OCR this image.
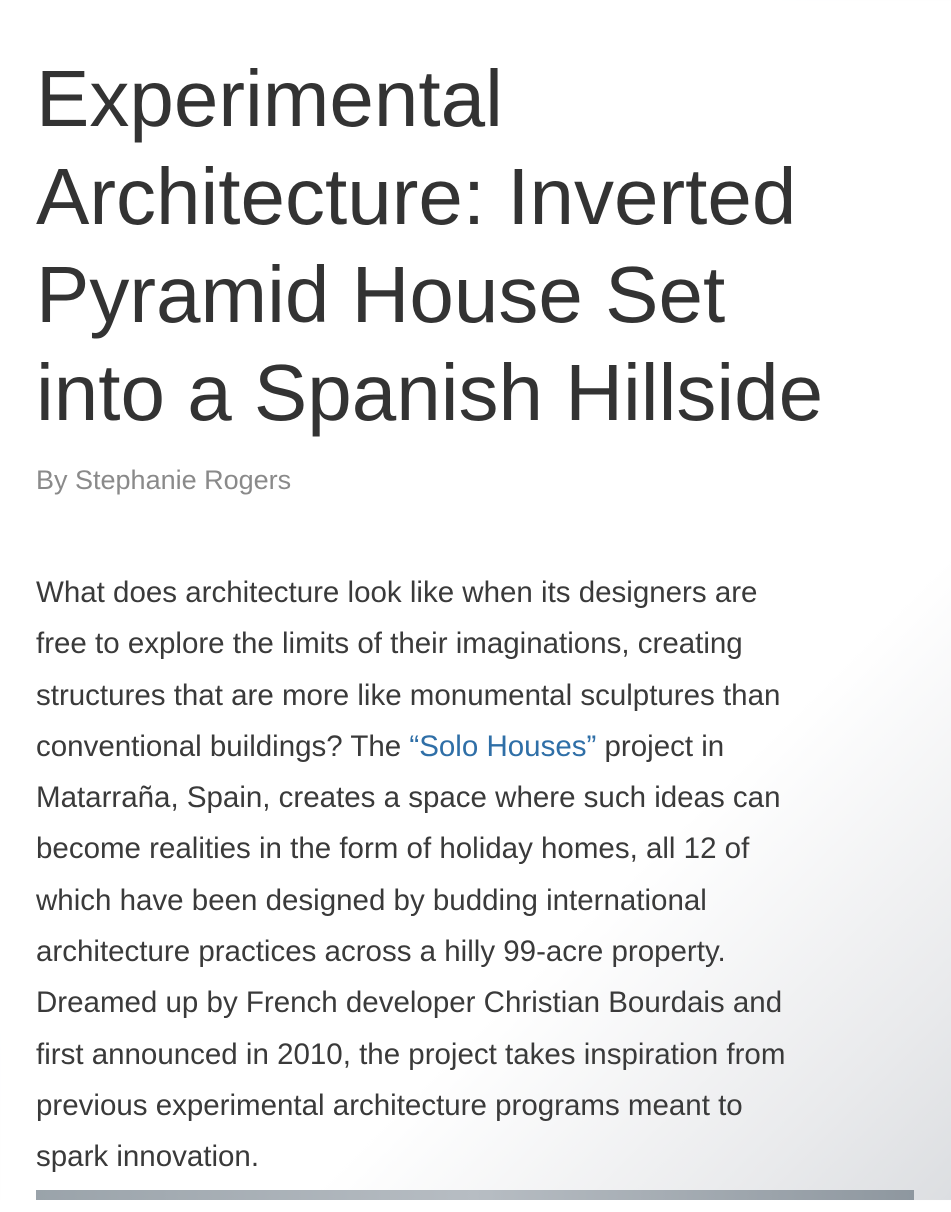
Experimental
Architecture: Inverted
Pyramid House Set
into a Spanish Hillside
By Stephanie Rogers

What does architecture look like when its designers are
free to explore the limits of their imaginations, creating
structures that are more like monumental sculptures than
conventional buildings? The “Solo Houses” project in
Matarraña, Spain, creates a space where such ideas can
become realities in the form of holiday homes, all 12 of
which have been designed by budding international
architecture practices across a hilly 99-acre property.
Dreamed up by French developer Christian Bourdais and
first announced in 2010, the project takes inspiration from
previous experimental architecture programs meant to
spark innovation.
